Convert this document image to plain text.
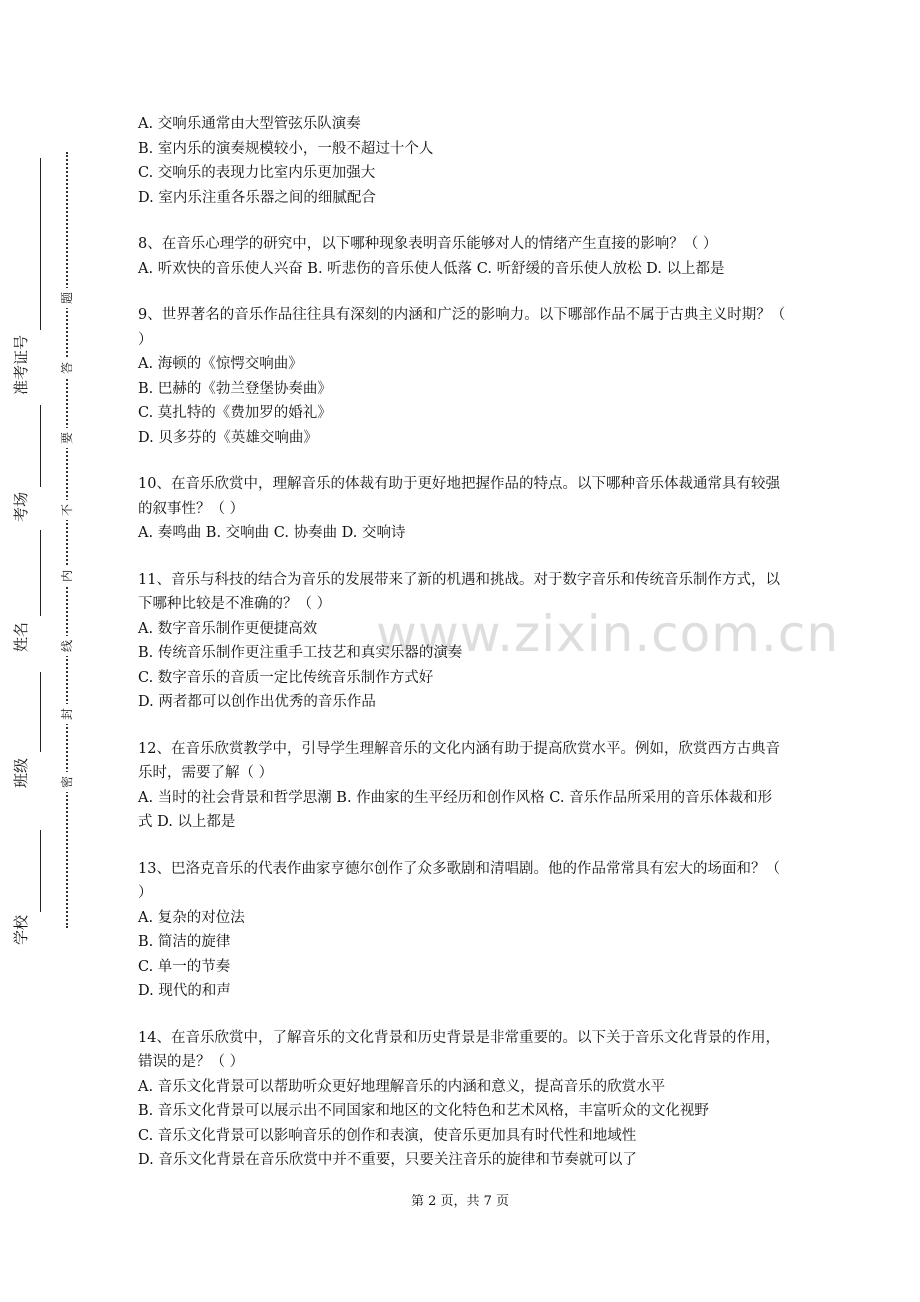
学校
班级
姓名
考场
准考证号
密
封
线
内
不
要
答
题
www.zixin.com.cn
A. 交响乐通常由大型管弦乐队演奏
B. 室内乐的演奏规模较小，一般不超过十个人
C. 交响乐的表现力比室内乐更加强大
D. 室内乐注重各乐器之间的细腻配合
8、在音乐心理学的研究中，以下哪种现象表明音乐能够对人的情绪产生直接的影响？（ ）
A. 听欢快的音乐使人兴奋 B. 听悲伤的音乐使人低落 C. 听舒缓的音乐使人放松 D. 以上都是
9、世界著名的音乐作品往往具有深刻的内涵和广泛的影响力。以下哪部作品不属于古典主义时期？（ ）
A. 海顿的《惊愕交响曲》
B. 巴赫的《勃兰登堡协奏曲》
C. 莫扎特的《费加罗的婚礼》
D. 贝多芬的《英雄交响曲》
10、在音乐欣赏中，理解音乐的体裁有助于更好地把握作品的特点。以下哪种音乐体裁通常具有较强的叙事性？（ ）
A. 奏鸣曲 B. 交响曲 C. 协奏曲 D. 交响诗
11、音乐与科技的结合为音乐的发展带来了新的机遇和挑战。对于数字音乐和传统音乐制作方式，以下哪种比较是不准确的？（ ）
A. 数字音乐制作更便捷高效
B. 传统音乐制作更注重手工技艺和真实乐器的演奏
C. 数字音乐的音质一定比传统音乐制作方式好
D. 两者都可以创作出优秀的音乐作品
12、在音乐欣赏教学中，引导学生理解音乐的文化内涵有助于提高欣赏水平。例如，欣赏西方古典音乐时，需要了解（ ）
A. 当时的社会背景和哲学思潮 B. 作曲家的生平经历和创作风格 C. 音乐作品所采用的音乐体裁和形式 D. 以上都是
13、巴洛克音乐的代表作曲家亨德尔创作了众多歌剧和清唱剧。他的作品常常具有宏大的场面和？（ ）
A. 复杂的对位法
B. 简洁的旋律
C. 单一的节奏
D. 现代的和声
14、在音乐欣赏中，了解音乐的文化背景和历史背景是非常重要的。以下关于音乐文化背景的作用，错误的是？（ ）
A. 音乐文化背景可以帮助听众更好地理解音乐的内涵和意义，提高音乐的欣赏水平
B. 音乐文化背景可以展示出不同国家和地区的文化特色和艺术风格，丰富听众的文化视野
C. 音乐文化背景可以影响音乐的创作和表演，使音乐更加具有时代性和地域性
D. 音乐文化背景在音乐欣赏中并不重要，只要关注音乐的旋律和节奏就可以了
第 2 页，共 7 页
